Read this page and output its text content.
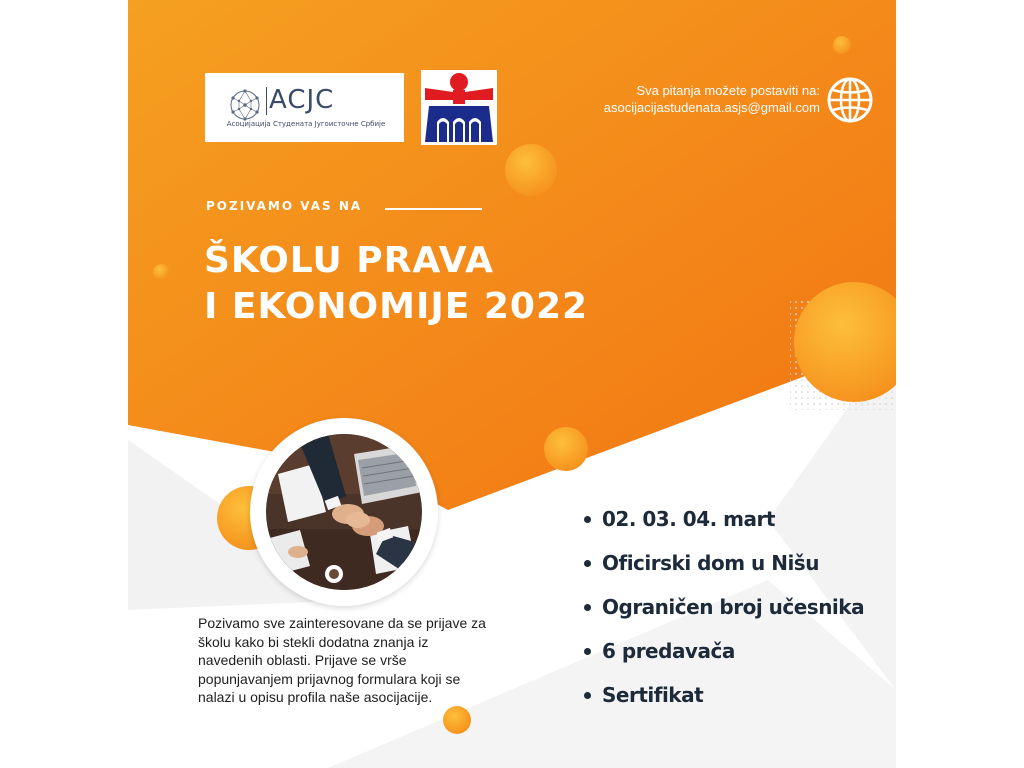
ACJC
Асоцијација Студената Југоисточне Србије
Sva pitanja možete postaviti na:
asocijacijastudenata.asjs@gmail.com
POZIVAMO VAS NA
ŠKOLU PRAVA
I EKONOMIJE 2022
Pozivamo sve zainteresovane da se prijave za školu kako bi stekli dodatna znanja iz navedenih oblasti. Prijave se vrše popunjavanjem prijavnog formulara koji se nalazi u opisu profila naše asocijacije.
02. 03. 04. mart
Oficirski dom u Nišu
Ograničen broj učesnika
6 predavača
Sertifikat
